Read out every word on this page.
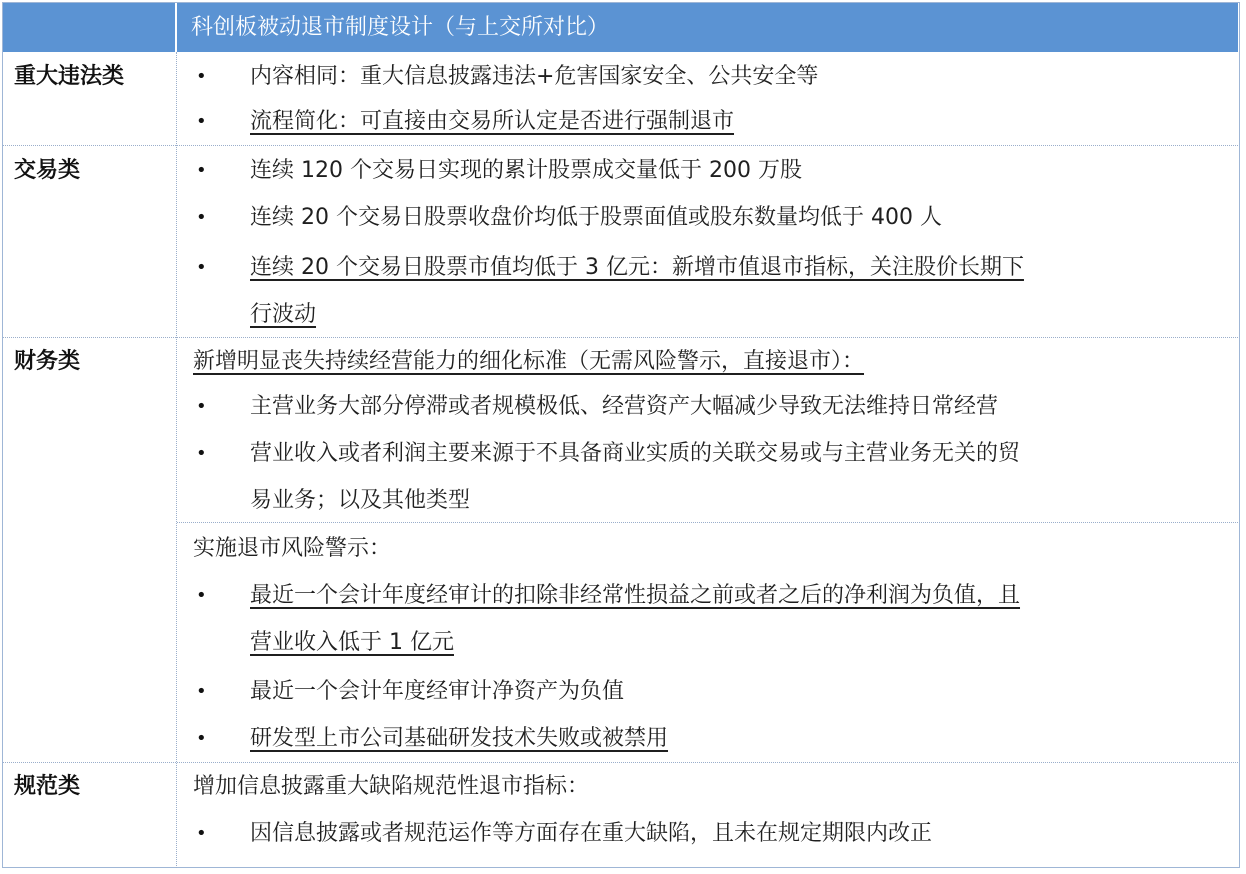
科创板被动退市制度设计（与上交所对比）
重大违法类	• 内容相同：重大信息披露违法+危害国家安全、公共安全等
• 流程简化：可直接由交易所认定是否进行强制退市
交易类	• 连续 120 个交易日实现的累计股票成交量低于 200 万股
• 连续 20 个交易日股票收盘价均低于股票面值或股东数量均低于 400 人
• 连续 20 个交易日股票市值均低于 3 亿元：新增市值退市指标，关注股价长期下
行波动
财务类	新增明显丧失持续经营能力的细化标准（无需风险警示，直接退市）：
• 主营业务大部分停滞或者规模极低、经营资产大幅减少导致无法维持日常经营
• 营业收入或者利润主要来源于不具备商业实质的关联交易或与主营业务无关的贸
易业务；以及其他类型
实施退市风险警示：
• 最近一个会计年度经审计的扣除非经常性损益之前或者之后的净利润为负值，且
营业收入低于 1 亿元
• 最近一个会计年度经审计净资产为负值
• 研发型上市公司基础研发技术失败或被禁用
规范类	增加信息披露重大缺陷规范性退市指标：
• 因信息披露或者规范运作等方面存在重大缺陷，且未在规定期限内改正
